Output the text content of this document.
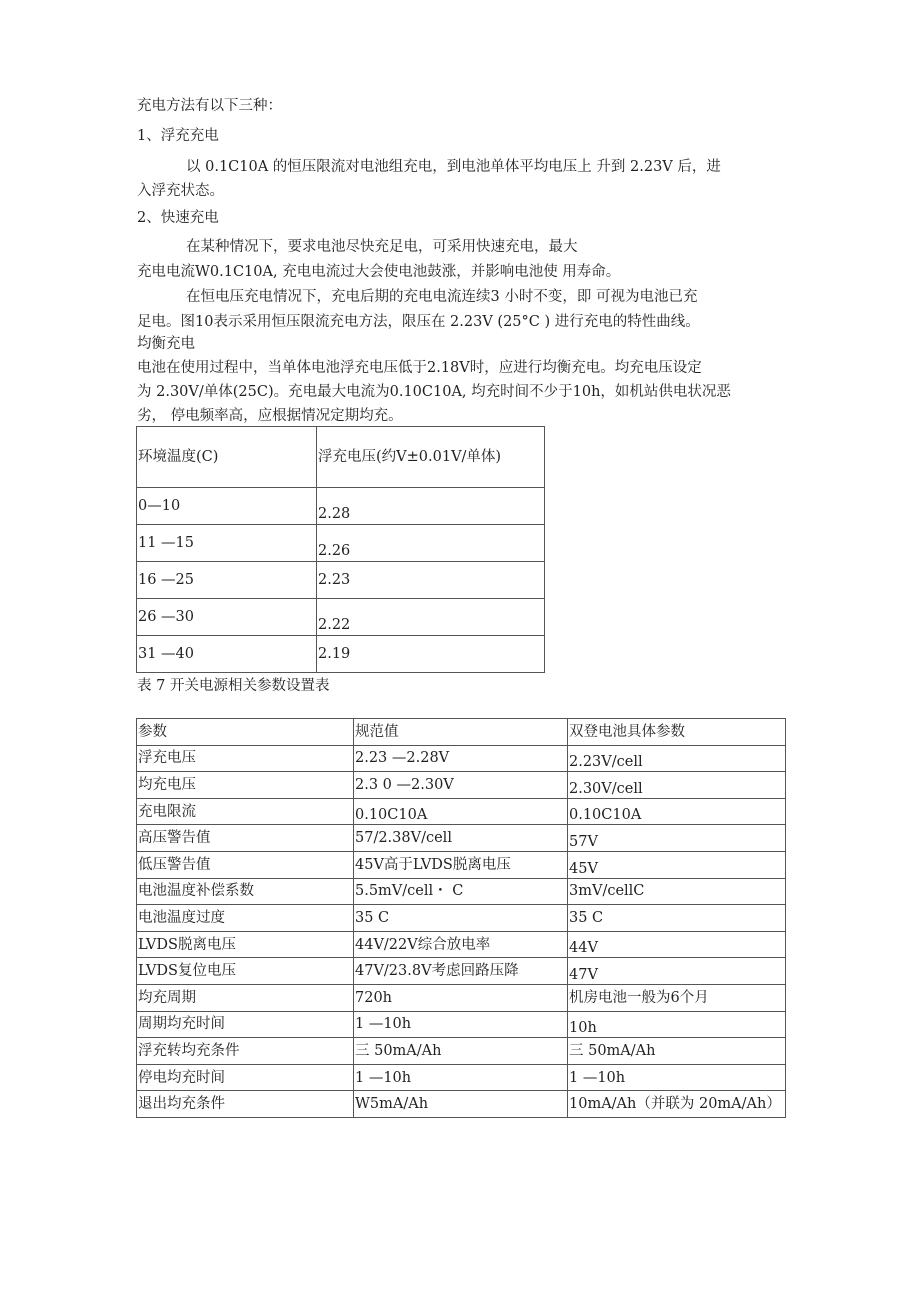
充电方法有以下三种：
1、浮充充电
以 0.1C10A 的恒压限流对电池组充电，到电池单体平均电压上 升到 2.23V 后，进
入浮充状态。
2、快速充电
在某种情况下，要求电池尽快充足电，可采用快速充电，最大
充电电流W0.1C10A, 充电电流过大会使电池鼓涨，并影响电池使 用寿命。
在恒电压充电情况下，充电后期的充电电流连续3 小时不变，即 可视为电池已充
足电。图10表示采用恒压限流充电方法，限压在 2.23V (25°C ) 进行充电的特性曲线。
均衡充电
电池在使用过程中，当单体电池浮充电压低于2.18V时，应进行均衡充电。均充电压设定
为 2.30V/单体(25C)。充电最大电流为0.10C10A, 均充时间不少于10h，如机站供电状况恶
劣， 停电频率高，应根据情况定期均充。
环境温度(C)	浮充电压(约V±0.01V/单体)
0—10	2.28
11 —15	2.26
16 —25	2.23
26 —30	2.22
31 —40	2.19
表 7 开关电源相关参数设置表
参数	规范值	双登电池具体参数
浮充电压	2.23 —2.28V	2.23V/cell
均充电压	2.3 0 —2.30V	2.30V/cell
充电限流	0.10C10A	0.10C10A
高压警告值	57/2.38V/cell	57V
低压警告值	45V高于LVDS脱离电压	45V
电池温度补偿系数	5.5mV/cell・ C	3mV/cellC
电池温度过度	35 C	35 C
LVDS脱离电压	44V/22V综合放电率	44V
LVDS复位电压	47V/23.8V考虑回路压降	47V
均充周期	720h	机房电池一般为6个月
周期均充时间	1 —10h	10h
浮充转均充条件	三 50mA/Ah	三 50mA/Ah
停电均充时间	1 —10h	1 —10h
退出均充条件	W5mA/Ah	10mA/Ah（并联为 20mA/Ah）
